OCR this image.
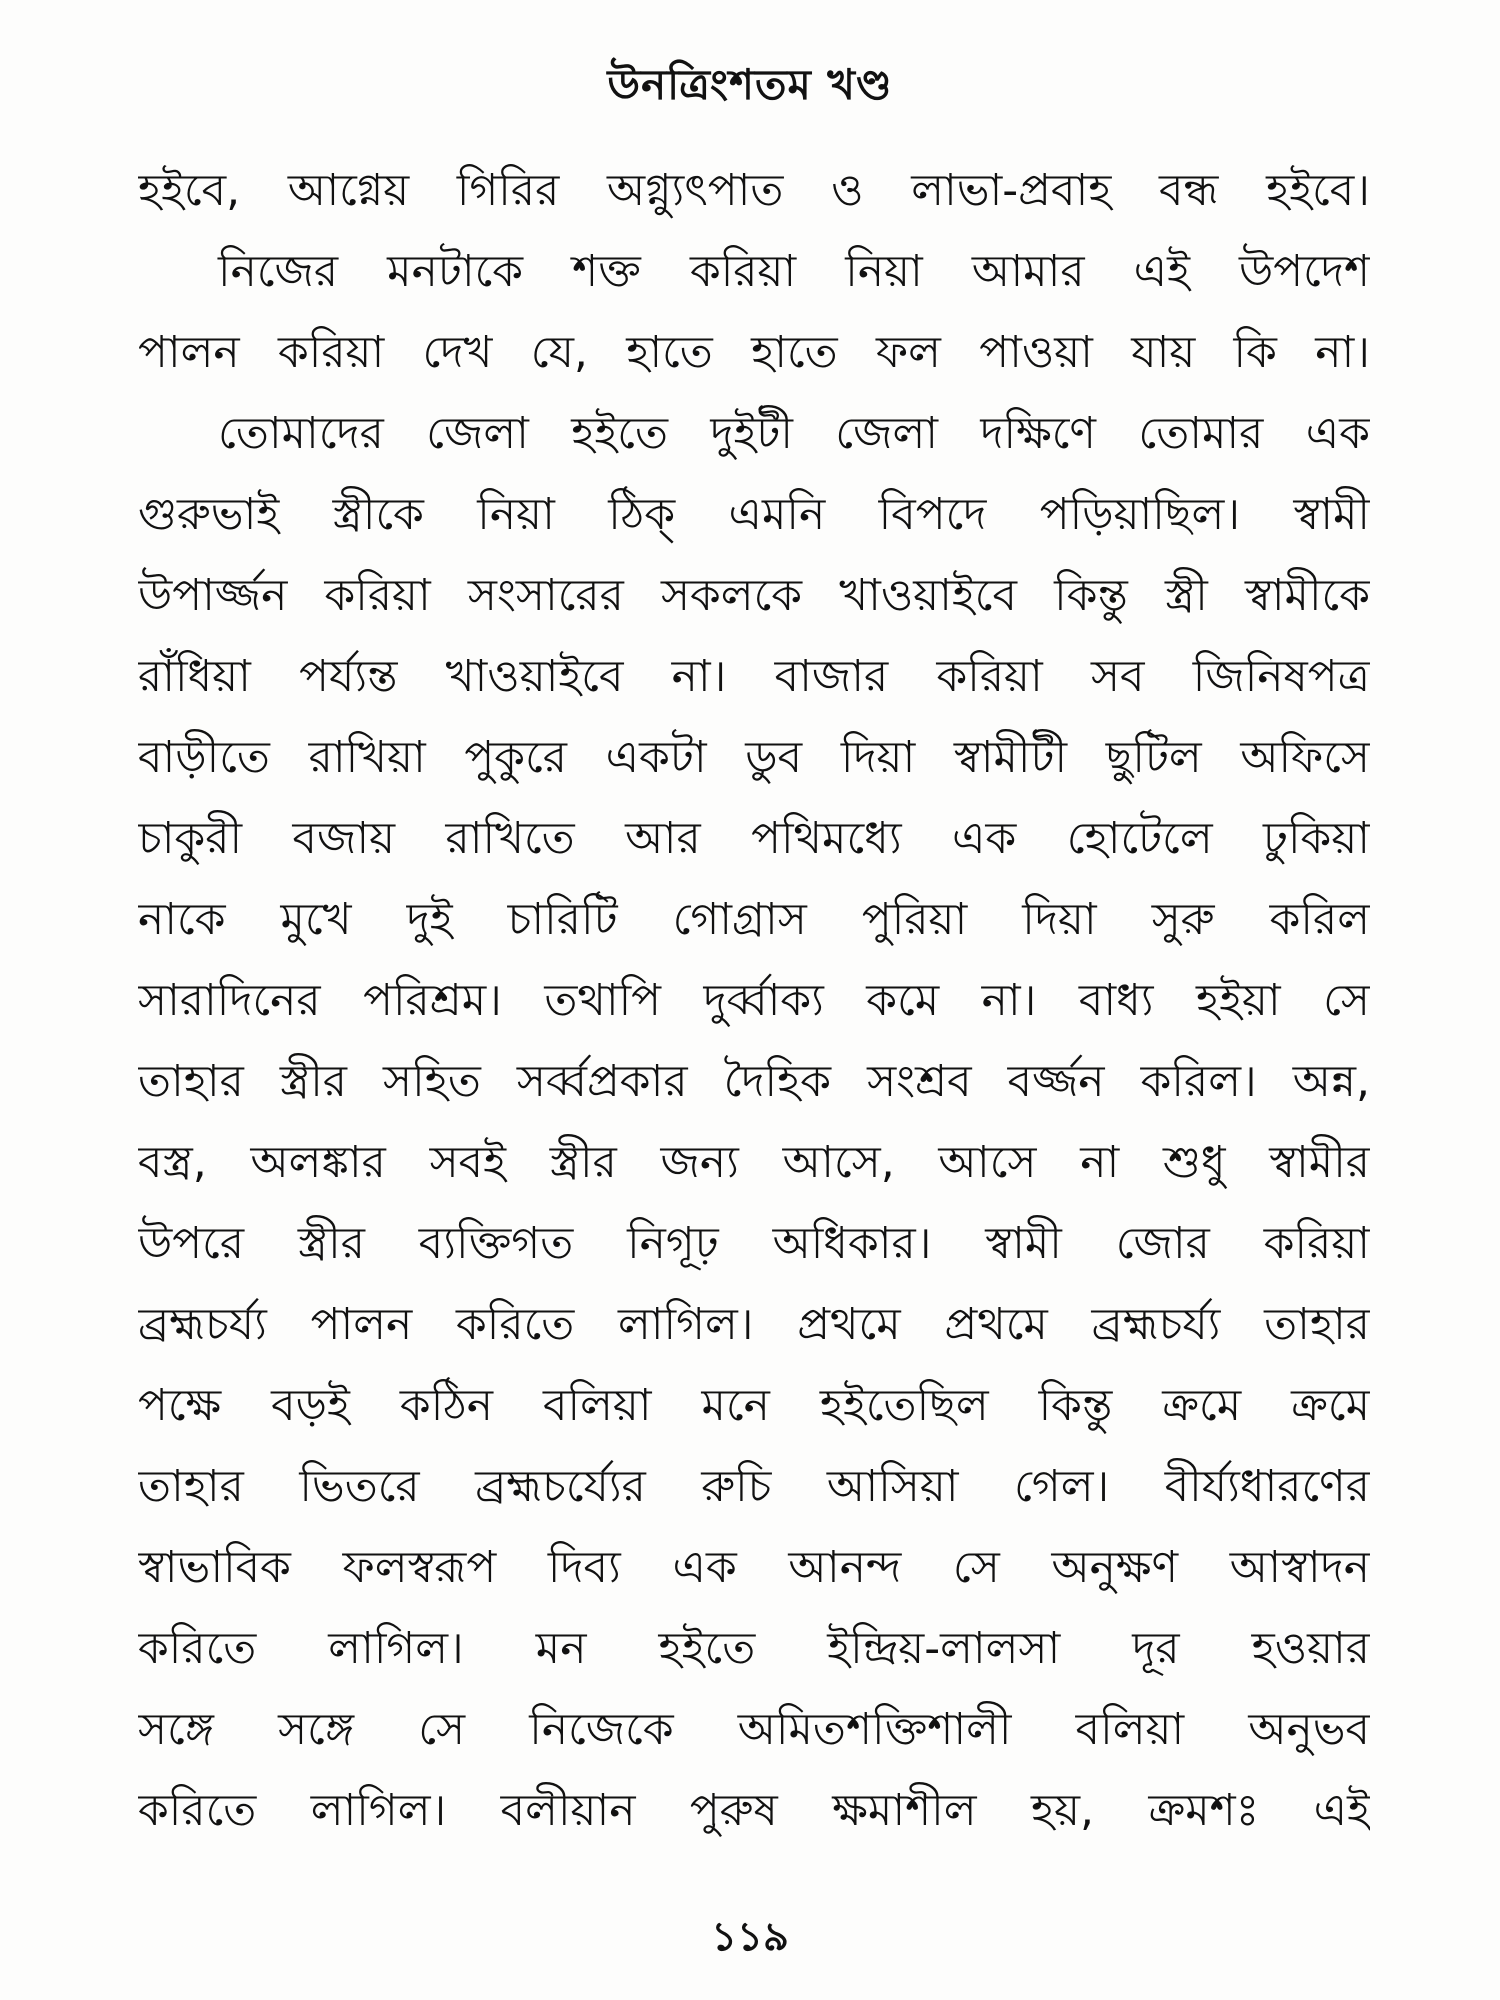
উনত্রিংশতম খণ্ড
হইবে, আগ্নেয় গিরির অগ্ন্যুৎপাত ও লাভা-প্রবাহ বন্ধ হইবে।
নিজের মনটাকে শক্ত করিয়া নিয়া আমার এই উপদেশ
পালন করিয়া দেখ যে, হাতে হাতে ফল পাওয়া যায় কি না।
তোমাদের জেলা হইতে দুইটী জেলা দক্ষিণে তোমার এক
গুরুভাই স্ত্রীকে নিয়া ঠিক্ এমনি বিপদে পড়িয়াছিল। স্বামী
উপার্জ্জন করিয়া সংসারের সকলকে খাওয়াইবে কিন্তু স্ত্রী স্বামীকে
রাঁধিয়া পর্য্যন্ত খাওয়াইবে না। বাজার করিয়া সব জিনিষপত্র
বাড়ীতে রাখিয়া পুকুরে একটা ডুব দিয়া স্বামীটী ছুটিল অফিসে
চাকুরী বজায় রাখিতে আর পথিমধ্যে এক হোটেলে ঢুকিয়া
নাকে মুখে দুই চারিটি গোগ্রাস পুরিয়া দিয়া সুরু করিল
সারাদিনের পরিশ্রম। তথাপি দুর্ব্বাক্য কমে না। বাধ্য হইয়া সে
তাহার স্ত্রীর সহিত সর্ব্বপ্রকার দৈহিক সংশ্রব বর্জ্জন করিল। অন্ন,
বস্ত্র, অলঙ্কার সবই স্ত্রীর জন্য আসে, আসে না শুধু স্বামীর
উপরে স্ত্রীর ব্যক্তিগত নিগূঢ় অধিকার। স্বামী জোর করিয়া
ব্রহ্মচর্য্য পালন করিতে লাগিল। প্রথমে প্রথমে ব্রহ্মচর্য্য তাহার
পক্ষে বড়ই কঠিন বলিয়া মনে হইতেছিল কিন্তু ক্রমে ক্রমে
তাহার ভিতরে ব্রহ্মচর্য্যের রুচি আসিয়া গেল। বীর্য্যধারণের
স্বাভাবিক ফলস্বরূপ দিব্য এক আনন্দ সে অনুক্ষণ আস্বাদন
করিতে লাগিল। মন হইতে ইন্দ্রিয়-লালসা দূর হওয়ার
সঙ্গে সঙ্গে সে নিজেকে অমিতশক্তিশালী বলিয়া অনুভব
করিতে লাগিল। বলীয়ান পুরুষ ক্ষমাশীল হয়, ক্রমশঃ এই
১১৯
